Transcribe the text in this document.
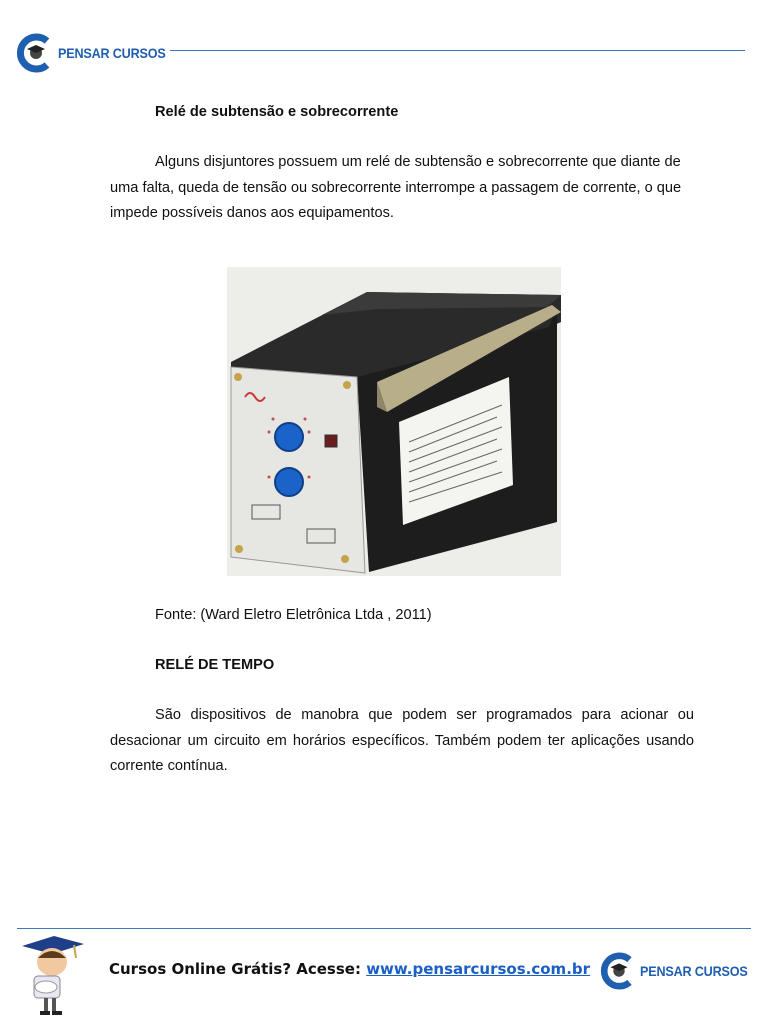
PENSAR CURSOS
Relé de subtensão e sobrecorrente
Alguns disjuntores possuem um relé de subtensão e sobrecorrente que diante de uma falta, queda de tensão ou sobrecorrente interrompe a passagem de corrente, o que impede possíveis danos aos equipamentos.
Fonte: (Ward Eletro Eletrônica Ltda , 2011)
RELÉ DE TEMPO
São dispositivos de manobra que podem ser programados para acionar ou desacionar um circuito em horários específicos. Também podem ter aplicações usando corrente contínua.
Cursos Online Grátis? Acesse: www.pensarcursos.com.br	PENSAR CURSOS
